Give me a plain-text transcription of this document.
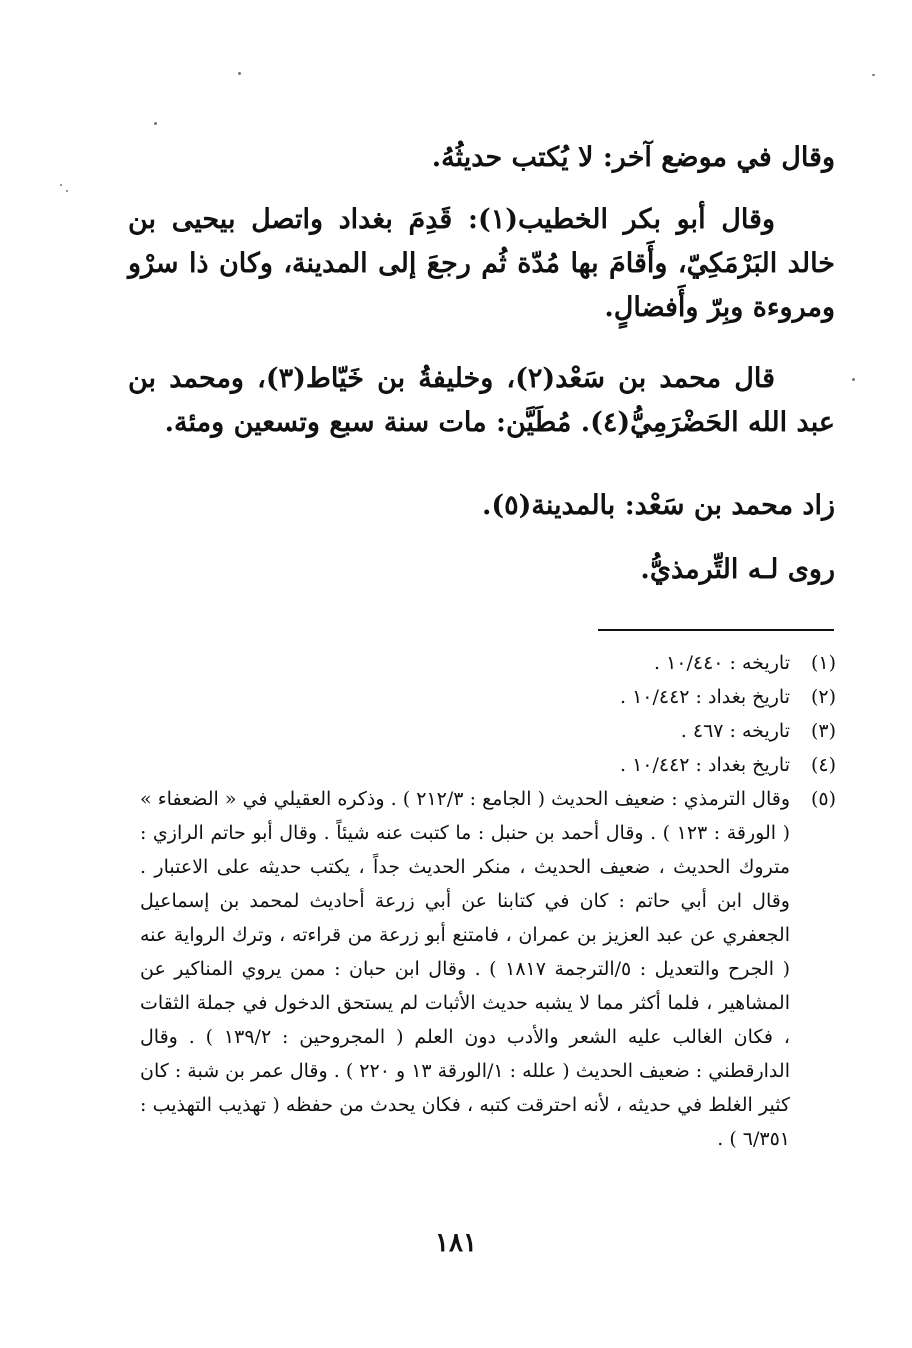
وقال في موضع آخر: لا يُكتب حديثُهُ.

وقال أبو بكر الخطيب(١): قَدِمَ بغداد واتصل بيحيى بن خالد البَرْمَكِيّ، وأَقامَ بها مُدّة ثُم رجعَ إلى المدينة، وكان ذا سرْو ومروءة وبِرّ وأَفضالٍ.

قال محمد بن سَعْد(٢)، وخليفةُ بن خَيّاط(٣)، ومحمد بن عبد الله الحَضْرَمِيُّ(٤). مُطَيَّن: مات سنة سبع وتسعين ومئة.

زاد محمد بن سَعْد: بالمدينة(٥).

روى لـه التِّرمذيُّ.

(١)
تاريخه : ١٠/٤٤٠ .
(٢)
تاريخ بغداد : ١٠/٤٤٢ .
(٣)
تاريخه : ٤٦٧ .
(٤)
تاريخ بغداد : ١٠/٤٤٢ .
(٥)
وقال الترمذي : ضعيف الحديث ( الجامع : ٢١٢/٣ ) . وذكره العقيلي في « الضعفاء » ( الورقة : ١٢٣ ) . وقال أحمد بن حنبل : ما كتبت عنه شيئاً . وقال أبو حاتم الرازي : متروك الحديث ، ضعيف الحديث ، منكر الحديث جداً ، يكتب حديثه على الاعتبار . وقال ابن أبي حاتم : كان في كتابنا عن أبي زرعة أحاديث لمحمد بن إسماعيل الجعفري عن عبد العزيز بن عمران ، فامتنع أبو زرعة من قراءته ، وترك الرواية عنه ( الجرح والتعديل : ٥/الترجمة ١٨١٧ ) . وقال ابن حبان : ممن يروي المناكير عن المشاهير ، فلما أكثر مما لا يشبه حديث الأثبات لم يستحق الدخول في جملة الثقات ، فكان الغالب عليه الشعر والأدب دون العلم ( المجروحين : ١٣٩/٢ ) . وقال الدارقطني : ضعيف الحديث ( علله : ١/الورقة ١٣ و ٢٢٠ ) . وقال عمر بن شبة : كان كثير الغلط في حديثه ، لأنه احترقت كتبه ، فكان يحدث من حفظه ( تهذيب التهذيب : ٦/٣٥١ ) .
١٨١
